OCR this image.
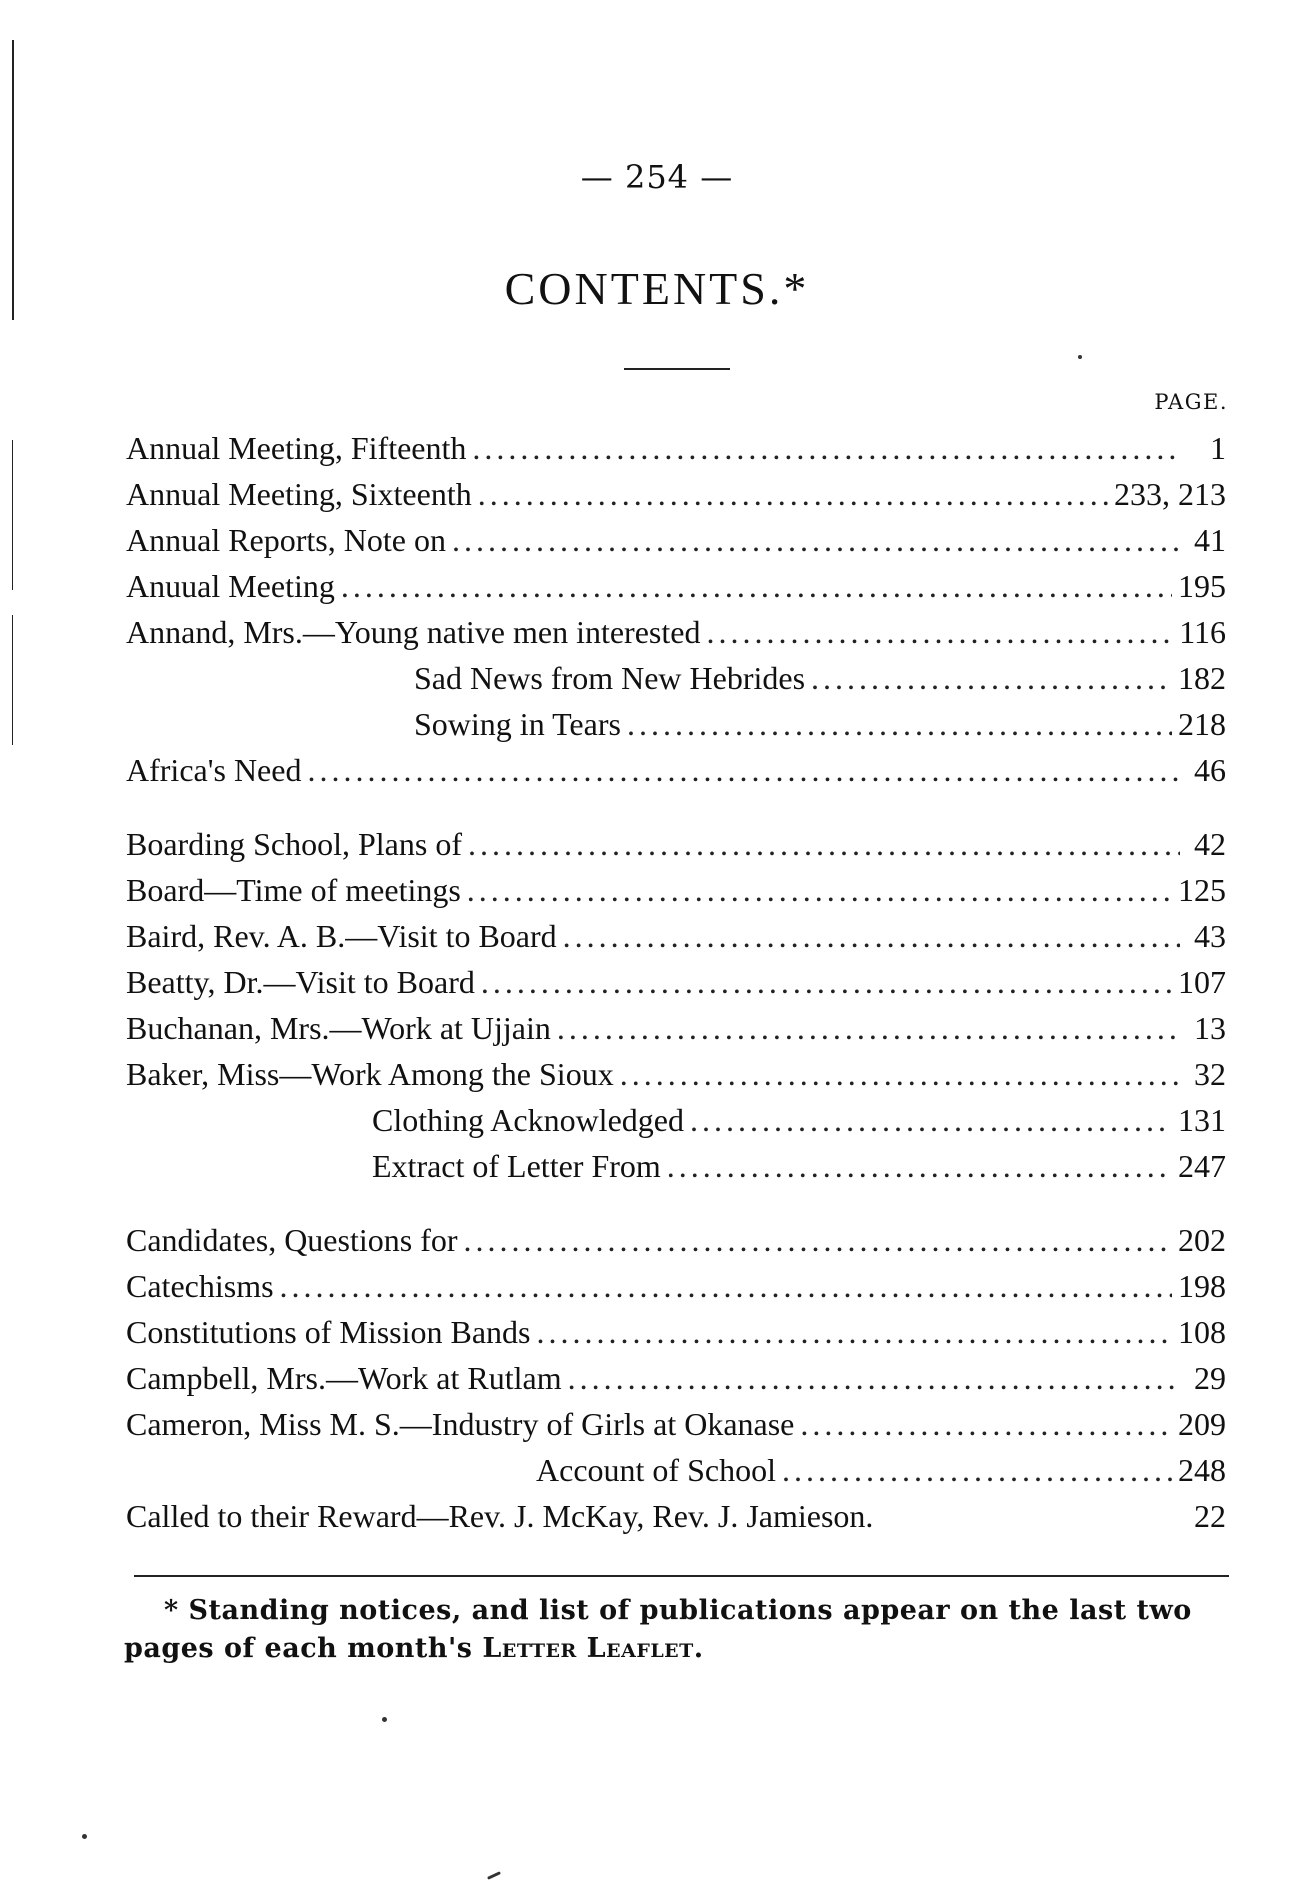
— 254 —
CONTENTS.*
PAGE.
Annual Meeting, Fifteenth .....	1
Annual Meeting, Sixteenth .....	233, 213
Annual Reports, Note on .....	41
Anuual Meeting .....	195
Annand, Mrs.—Young native men interested .....	116
Sad News from New Hebrides .....	182
Sowing in Tears .....	218
Africa's Need .....	46
Boarding School, Plans of .....	42
Board—Time of meetings .....	125
Baird, Rev. A. B.—Visit to Board .....	43
Beatty, Dr.—Visit to Board .....	107
Buchanan, Mrs.—Work at Ujjain .....	13
Baker, Miss—Work Among the Sioux .....	32
Clothing Acknowledged .....	131
Extract of Letter From .....	247
Candidates, Questions for .....	202
Catechisms .....	198
Constitutions of Mission Bands .....	108
Campbell, Mrs.—Work at Rutlam .....	29
Cameron, Miss M. S.—Industry of Girls at Okanase .....	209
Account of School .....	248
Called to their Reward—Rev. J. McKay, Rev. J. Jamieson.	22
* Standing notices, and list of publications appear on the last two pages of each month's Letter Leaflet.
